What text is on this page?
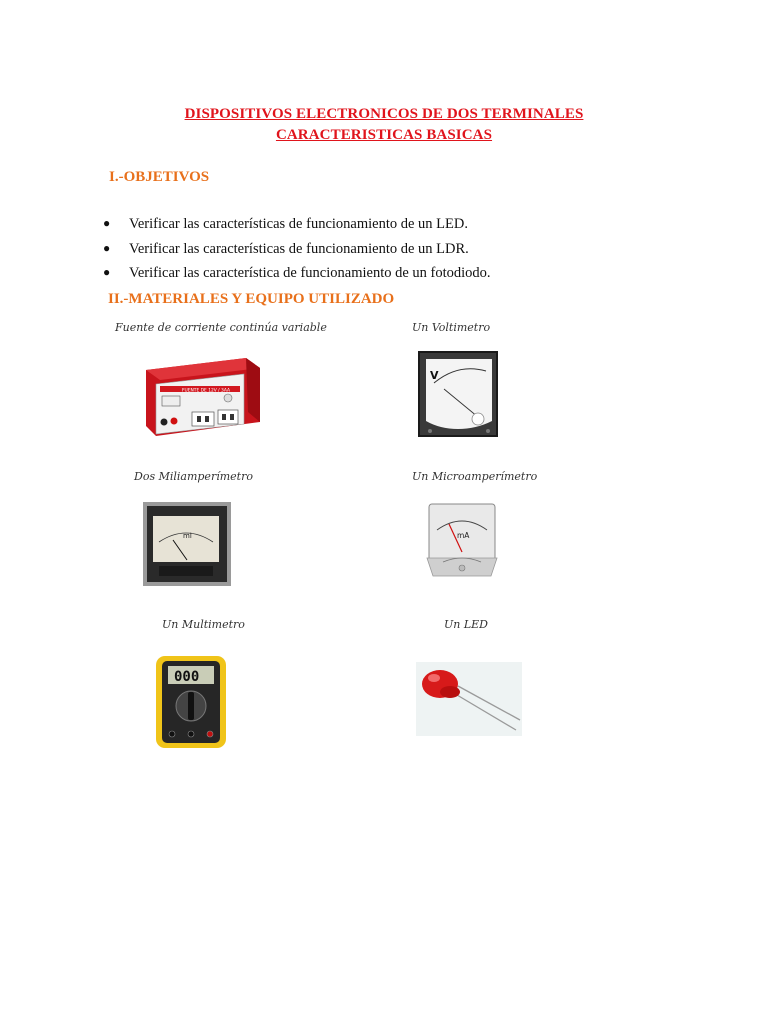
DISPOSITIVOS ELECTRONICOS DE DOS TERMINALES
CARACTERISTICAS BASICAS
I.-OBJETIVOS
● Verificar las características de funcionamiento de un LED.
● Verificar las características de funcionamiento de un LDR.
● Verificar las característica de funcionamiento de un fotodiodo.
II.-MATERIALES Y EQUIPO UTILIZADO
Fuente de corriente continúa variable
FUENTE DE 12V / 3AA
Un Voltimetro
V
Dos Miliamperímetro
ml
Un Microamperímetro
mA
Un Multimetro
000
Un LED
